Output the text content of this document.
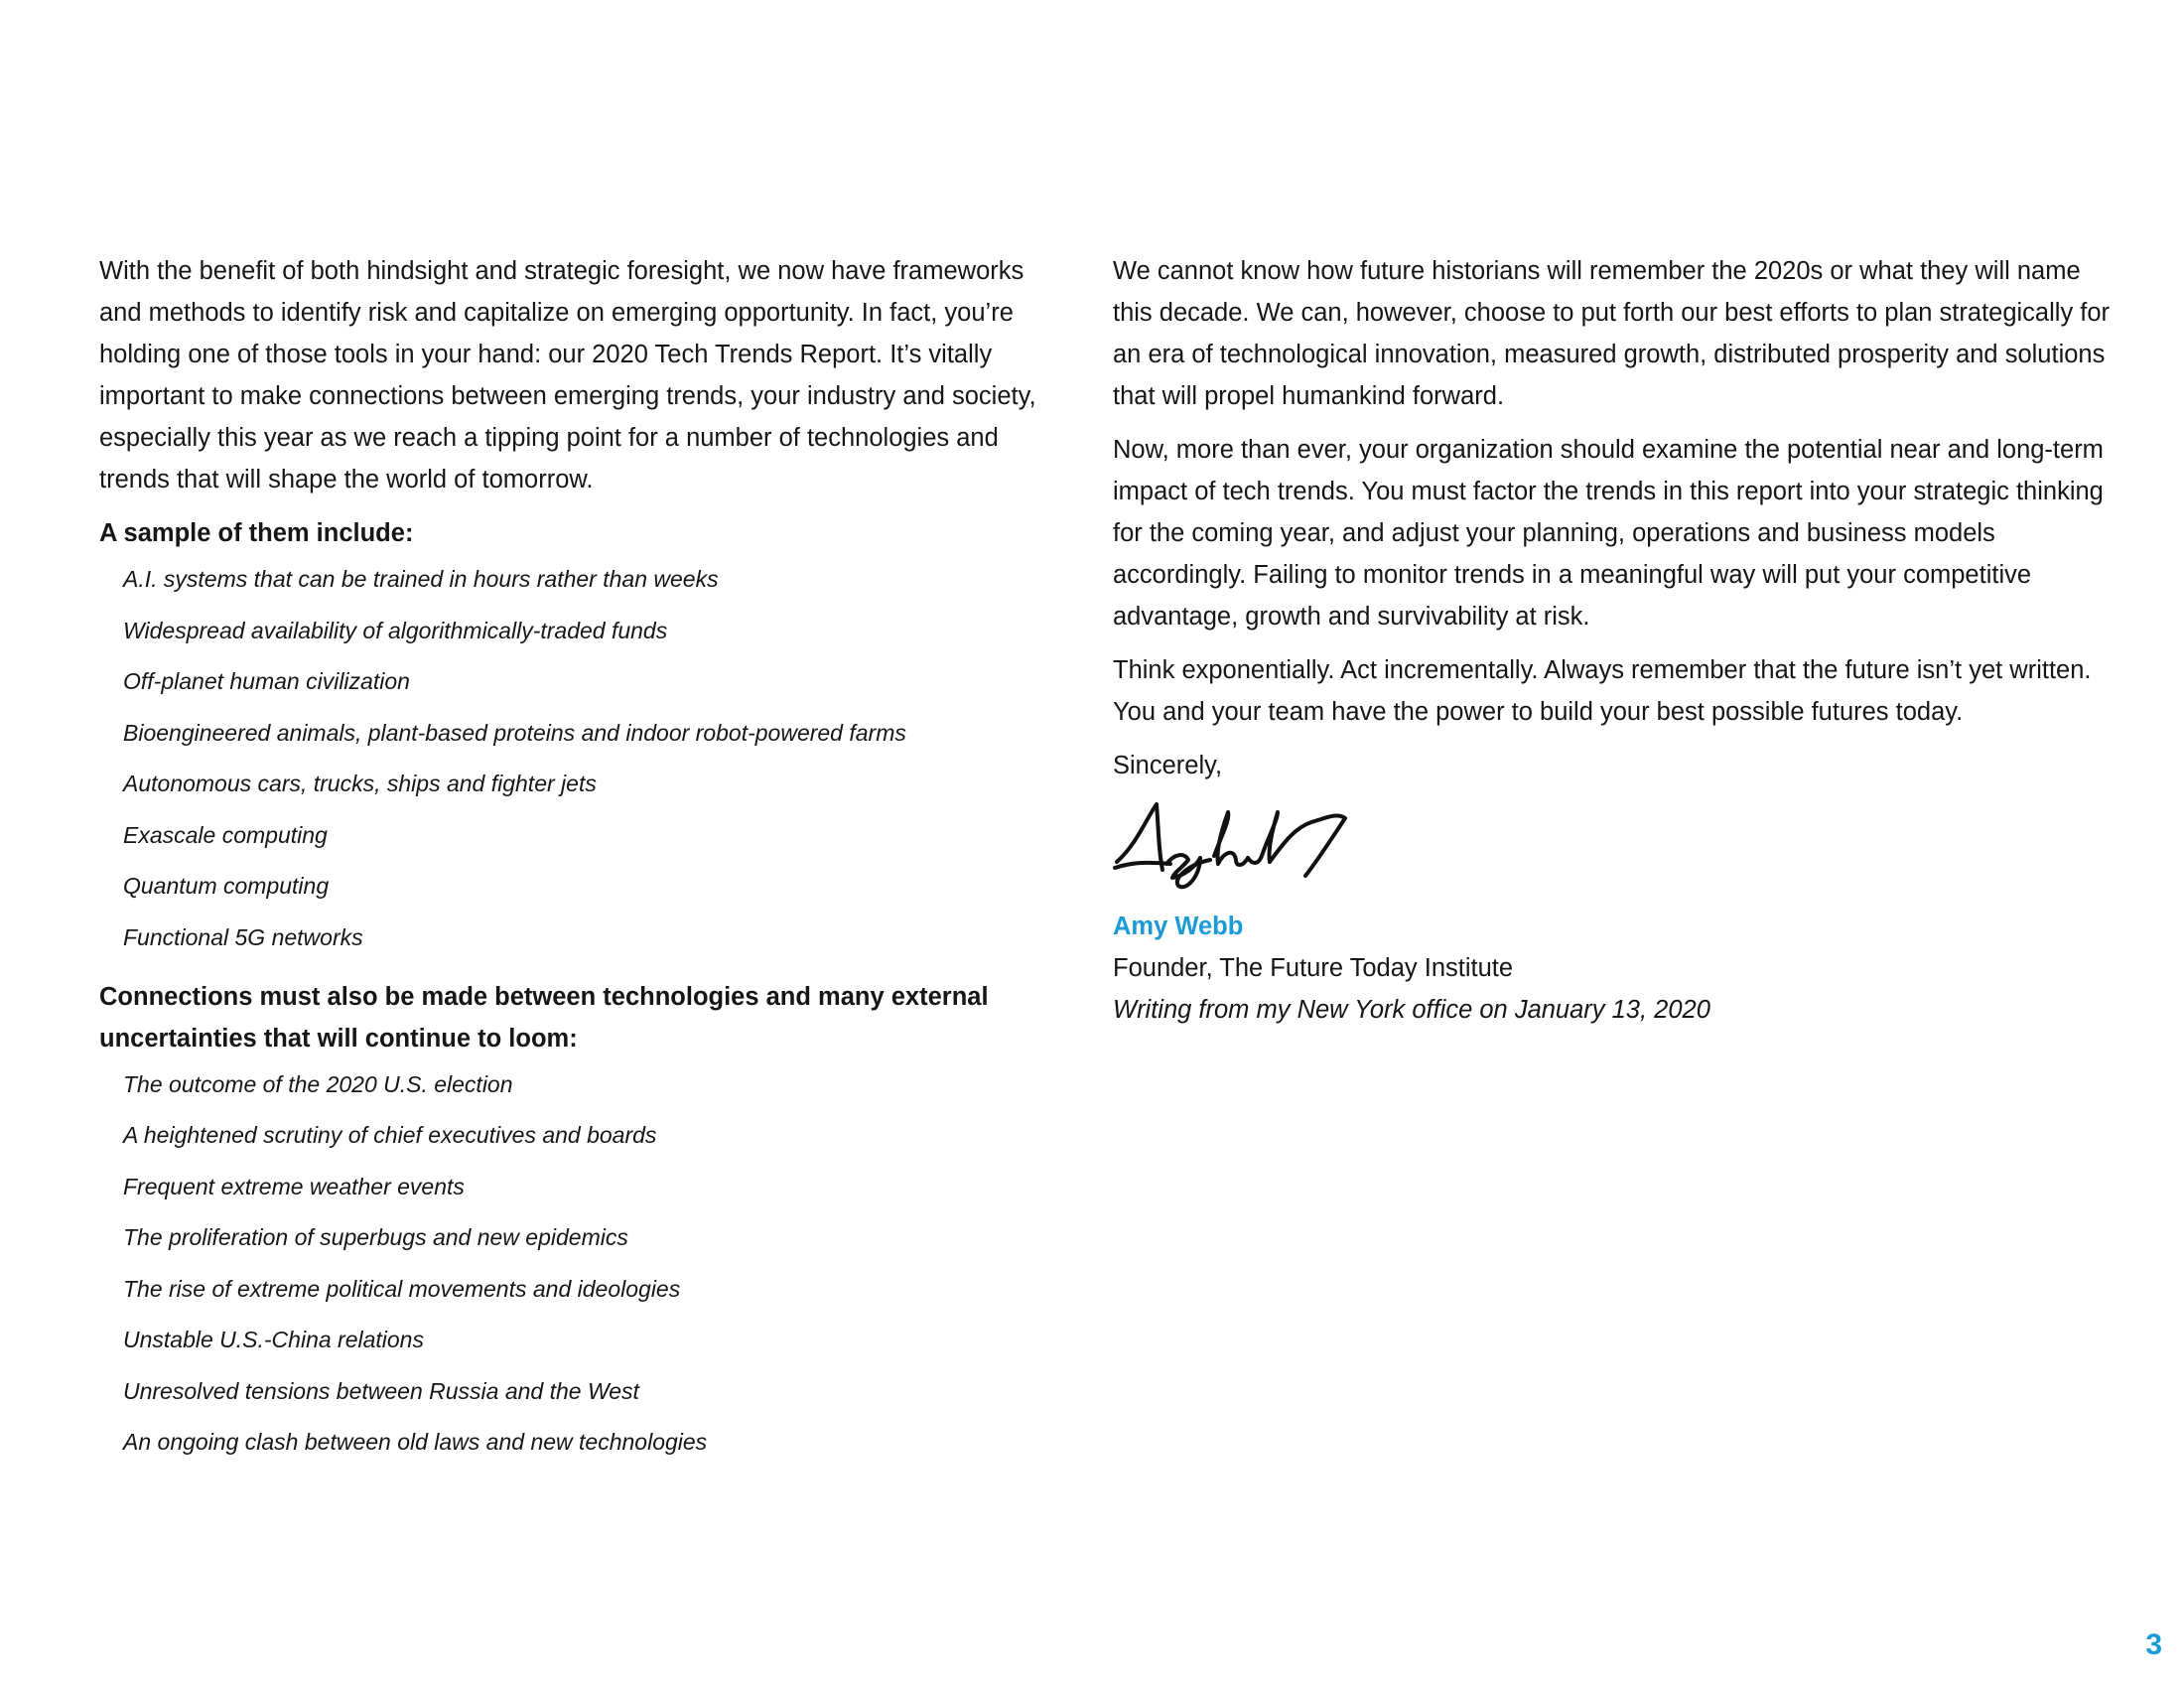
With the benefit of both hindsight and strategic foresight, we now have frameworks and methods to identify risk and capitalize on emerging opportunity. In fact, you’re holding one of those tools in your hand: our 2020 Tech Trends Report. It’s vitally important to make connections between emerging trends, your industry and society, especially this year as we reach a tipping point for a number of technologies and trends that will shape the world of tomorrow.

A sample of them include:

A.I. systems that can be trained in hours rather than weeks
Widespread availability of algorithmically-traded funds
Off-planet human civilization
Bioengineered animals, plant-based proteins and indoor robot-powered farms
Autonomous cars, trucks, ships and fighter jets
Exascale computing
Quantum computing
Functional 5G networks

Connections must also be made between technologies and many external uncertainties that will continue to loom:

The outcome of the 2020 U.S. election
A heightened scrutiny of chief executives and boards
Frequent extreme weather events
The proliferation of superbugs and new epidemics
The rise of extreme political movements and ideologies
Unstable U.S.-China relations
Unresolved tensions between Russia and the West
An ongoing clash between old laws and new technologies

We cannot know how future historians will remember the 2020s or what they will name this decade. We can, however, choose to put forth our best efforts to plan strategically for an era of technological innovation, measured growth, distributed prosperity and solutions that will propel humankind forward.

Now, more than ever, your organization should examine the potential near and long-term impact of tech trends. You must factor the trends in this report into your strategic thinking for the coming year, and adjust your planning, operations and business models accordingly. Failing to monitor trends in a meaningful way will put your competitive advantage, growth and survivability at risk.

Think exponentially. Act incrementally. Always remember that the future isn’t yet written. You and your team have the power to build your best possible futures today.

Sincerely,

Amy Webb

Founder, The Future Today Institute

Writing from my New York office on January 13, 2020

3
